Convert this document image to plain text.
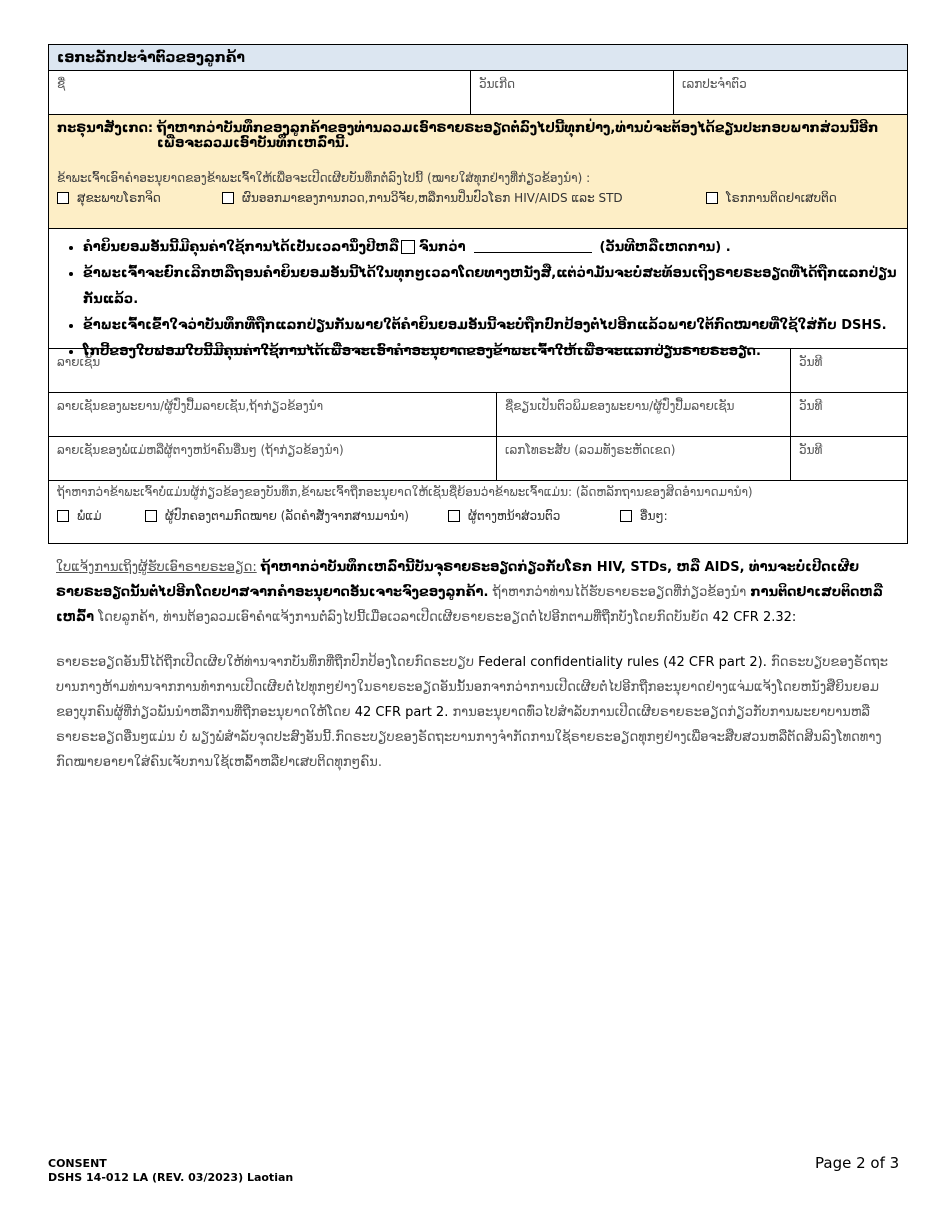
ເອກະລັກປະຈຳຕົວຂອງລູກຄ້າ
ຊື່	ວັນເກີດ	ເລກປະຈຳຕົວ
ກະຣຸນາສັງເກດ: ຖ້າຫາກວ່າບັນທຶກຂອງລູກຄ້າຂອງທ່ານລວມເອົາຣາຍຣະອຽດຕໍ່ລົງໄປນີ້ທຸກຢ່າງ,ທ່ານບໍ່ຈະຕ້ອງໄດ້ຂຽນປະກອບພາກສ່ວນນີ້ອີກເພື່ອຈະລວມເອົາບັນທຶກເຫລົ່ານີ້.
ຂ້າພະເຈົ້າເອົາຄຳອະນຸຍາດຂອງຂ້າພະເຈົ້າໃຫ້ເພື່ອຈະເປີດເຜີຍບັນທຶກຕໍ່ລົງໄປນີ້ (ໝາຍໃສ່ທຸກຢ່າງທີ່ກ່ຽວຂ້ອງນຳ) :
ສຸຂະພາບໂຣກຈິດ	ຜົນອອກມາຂອງການກວດ,ການວິຈັຍ,ຫລືການປິ່ນປົວໂຣກ HIV/AIDS ແລະ STD	ໂຣກການຕິດຢາເສບຕິດ
• ຄຳຍິນຍອມອັນນີ້ມີຄຸນຄ່າໃຊ້ການໄດ້ເປັນເວລານຶ່ງປີຫລື ຈົນກວ່າ	(ວັນທີຫລືເຫດການ) .
• ຂ້າພະເຈົ້າຈະຍົກເລີກຫລືຖອນຄຳຍິນຍອມອັນນີ້ໄດ້ໃນທຸກໆເວລາໂດຍທາງຫນັງສື,ແຕ່ວ່າມັນຈະບໍ່ສະທ້ອນເຖິງຣາຍຣະອຽດທີ່ໄດ້ຖືກແລກປ່ຽນກັນແລ້ວ.
• ຂ້າພະເຈົ້າເຂົ້າໃຈວ່າບັນທຶກທີ່ຖືກແລກປ່ຽນກັນພາຍໃຕ້ຄຳຍິນຍອມອັນນີ້ຈະບໍ່ຖືກປົກປ້ອງຕໍ່ໄປອີກແລ້ວພາຍໃຕ້ກົດໝາຍທີ່ໃຊ້ໃສ່ກັບ DSHS.
• ໂກປີ້ຂອງໃບຟອມໃບນີ້ມີຄຸນຄ່າໃຊ້ການໄດ້ເພື່ອຈະເອົາຄຳອະນຸຍາດຂອງຂ້າພະເຈົ້າໃຫ້ເພື່ອຈະແລກປ່ຽນຣາຍຣະອຽດ.
ລາຍເຊັນ	ວັນທີ
ລາຍເຊັນຂອງພະຍານ/ຜູ້ປົ່ງປື້ມລາຍເຊັນ,ຖ້າກ່ຽວຂ້ອງນຳ	ຊື່ຂຽນເປັນຕົວພິມຂອງພະຍານ/ຜູ້ປົ່ງປື້ມລາຍເຊັນ	ວັນທີ
ລາຍເຊັນຂອງພໍ່ແມ່ຫລືຜູ້ຕາງຫນ້າຄົນອື່ນໆ (ຖ້າກ່ຽວຂ້ອງນຳ)	ເລກໂທຣະສັບ (ລວມທັງຣະຫັດເຂດ)	ວັນທີ
ຖ້າຫາກວ່າຂ້າພະເຈົ້າບໍ່ແມ່ນຜູ້ກ່ຽວຂ້ອງຂອງບັນທຶກ,ຂ້າພະເຈົ້າຖືກອະນຸຍາດໃຫ້ເຊັນຊື່ຍ້ອນວ່າຂ້າພະເຈົ້າແມ່ນ: (ລັດຫລັກຖານຂອງສິດອຳນາດມານຳ)
ພໍ່ແມ່	ຜູ້ປົກຄອງຕາມກົດໝາຍ (ລັດຄຳສັ່ງຈາກສານມານຳ)	ຜູ້ຕາງຫນ້າສ່ວນຕົວ	ອື່ນໆ:
ໃບແຈ້ງການເຖິງຜູ້ຮັບເອົາຣາຍຣະອຽດ: ຖ້າຫາກວ່າບັນທຶກເຫລົ່ານີ້ບັນຈຸຣາຍຣະອຽດກ່ຽວກັບໂຣກ HIV, STDs, ຫລື AIDS, ທ່ານຈະບໍ່ເປີດເຜີຍຣາຍຣະອຽດນັ້ນຕໍ່ໄປອີກໂດຍປາສຈາກຄຳອະນຸຍາດອັນເຈາະຈົງຂອງລູກຄ້າ. ຖ້າຫາກວ່າທ່ານໄດ້ຮັບຣາຍຣະອຽດທີ່ກ່ຽວຂ້ອງນຳ ການຕິດຢາເສບຕິດຫລືເຫລົ້າ ໂດຍລູກຄ້າ, ທ່ານຕ້ອງລວມເອົາຄຳແຈ້ງການຕໍ່ລົງໄປນີ້ເມື່ອເວລາເປີດເຜີຍຣາຍຣະອຽດຕໍ່ໄປອີກຕາມທີ່ຖືກບັງໂດຍກົດບັນຍັດ 42 CFR 2.32:
ຣາຍຣະອຽດອັນນີ້ໄດ້ຖືກເປີດເຜີຍໃຫ້ທ່ານຈາກບັນທຶກທີ່ຖືກປົກປ້ອງໂດຍກົດຣະບຽບ Federal confidentiality rules (42 CFR part 2). ກົດຣະບຽບຂອງຣັດຖະບານກາງຫ້າມທ່ານຈາກການທຳການເປີດເຜີຍຕໍ່ໄປທຸກໆຢ່າງໃນຣາຍຣະອຽດອັນນັ້ນອກຈາກວ່າການເປີດເຜີຍຕໍ່ໄປອີກຖືກອະນຸຍາດຢ່າງແຈ່ມແຈ້ງໂດຍຫນັງສືຍິນຍອມຂອງບຸກຄົນຜູ້ທີ່ກ່ຽວພັນນຳຫລືການທີ່ຖືກອະນຸຍາດໃຫ້ໂດຍ 42 CFR part 2. ການອະນຸຍາດທົ່ວໄປສຳລັບການເປີດເຜີຍຣາຍຣະອຽດກ່ຽວກັບການພະຍາບານຫລືຣາຍຣະອຽດອື່ນໆແມ່ນ ບໍ່ ພຽງພໍສຳລັບຈຸດປະສົງອັນນີ້.ກົດຣະບຽບຂອງຣັດຖະບານກາງຈຳກັດການໃຊ້ຣາຍຣະອຽດທຸກໆຢ່າງເພື່ອຈະສືບສວນຫລືຕັດສິນລົງໂທດທາງກົດໝາຍອາຍາໃສ່ຄົນເຈັບການໃຊ້ເຫລົ້າຫລືຢາເສບຕິດທຸກໆຄົນ.
CONSENT
DSHS 14-012 LA (REV. 03/2023) Laotian
Page 2 of 3
